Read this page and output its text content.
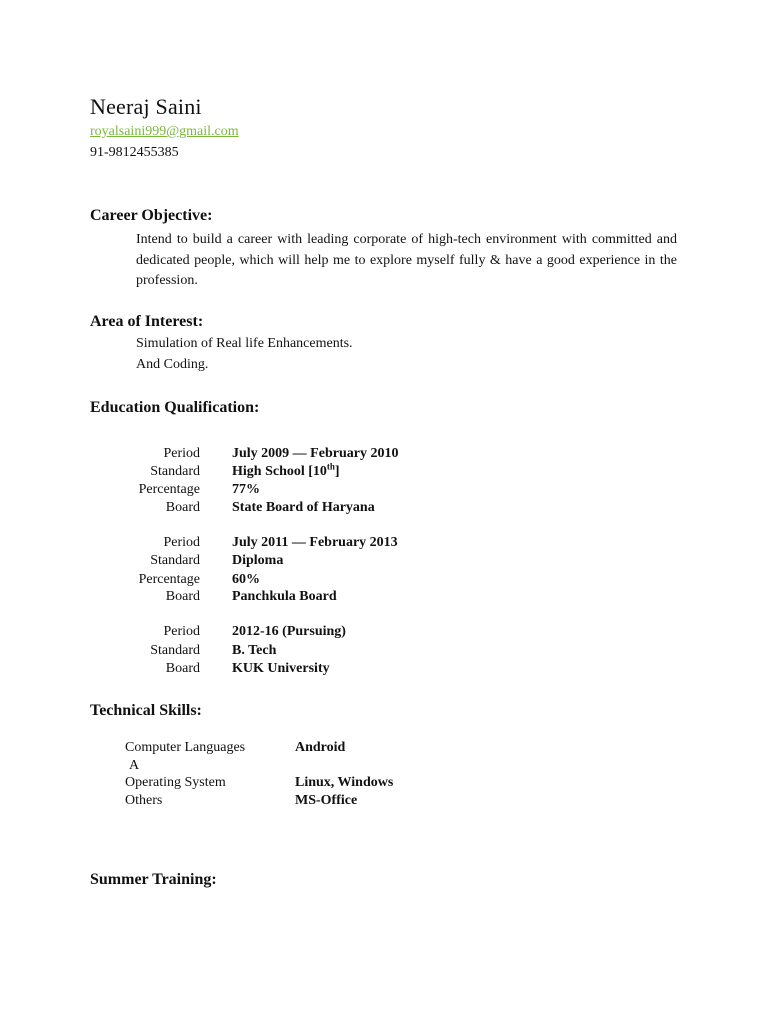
Neeraj Saini
royalsaini999@gmail.com
91-9812455385
Career Objective:
Intend to build a career with leading corporate of high-tech environment with committed and dedicated people, which will help me to explore myself fully & have a good experience in the profession.
Area of Interest:
Simulation of Real life Enhancements.
And Coding.
Education Qualification:
Period July 2009 — February 2010
Standard High School [10th]
Percentage 77%
Board State Board of Haryana
Period July 2011 — February 2013
Standard Diploma
Percentage 60%
Board Panchkula Board
Period 2012-16 (Pursuing)
Standard B. Tech
Board KUK University
Technical Skills:
Computer Languages	Android
A
Operating System	Linux, Windows
Others	MS-Office
Summer Training:
